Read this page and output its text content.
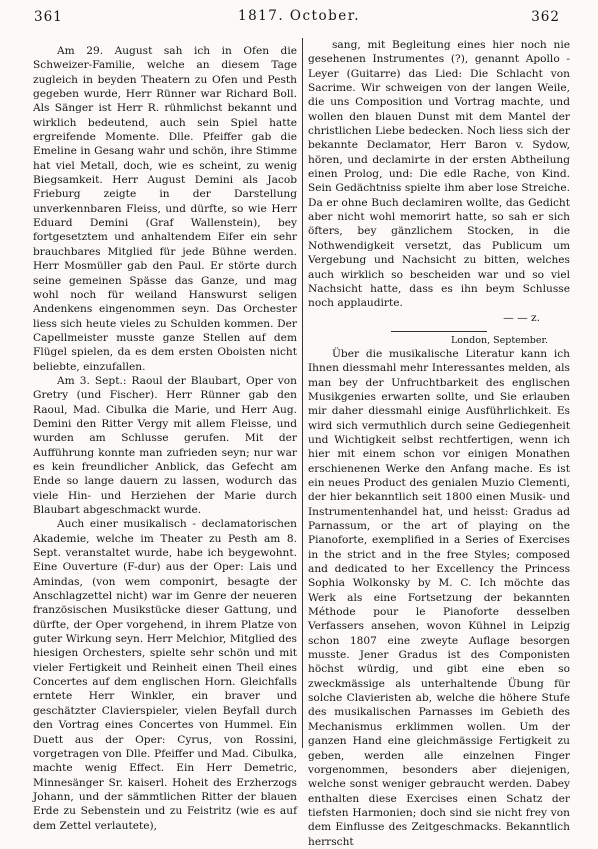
361	1817. October.	362

Am 29. August sah ich in Ofen die Schweizer-Familie, welche an diesem Tage zugleich in beyden Theatern zu Ofen und Pesth gegeben wurde, Herr Rünner war Richard Boll. Als Sänger ist Herr R. rühmlichst bekannt und wirklich bedeutend, auch sein Spiel hatte ergreifende Momente. Dlle. Pfeiffer gab die Emeline in Gesang wahr und schön, ihre Stimme hat viel Metall, doch, wie es scheint, zu wenig Biegsamkeit. Herr August Demini als Jacob Frieburg zeigte in der Darstellung unverkennbaren Fleiss, und dürfte, so wie Herr Eduard Demini (Graf Wallenstein), bey fortgesetztem und anhaltendem Eifer ein sehr brauchbares Mitglied für jede Bühne werden. Herr Mosmüller gab den Paul. Er störte durch seine gemeinen Spässe das Ganze, und mag wohl noch für weiland Hanswurst seligen Andenkens eingenommen seyn. Das Orchester liess sich heute vieles zu Schulden kommen. Der Capellmeister musste ganze Stellen auf dem Flügel spielen, da es dem ersten Oboisten nicht beliebte, einzufallen.

Am 3. Sept.: Raoul der Blaubart, Oper von Gretry (und Fischer). Herr Rünner gab den Raoul, Mad. Cibulka die Marie, und Herr Aug. Demini den Ritter Vergy mit allem Fleisse, und wurden am Schlusse gerufen. Mit der Aufführung konnte man zufrieden seyn; nur war es kein freundlicher Anblick, das Gefecht am Ende so lange dauern zu lassen, wodurch das viele Hin- und Herziehen der Marie durch Blaubart abgeschmackt wurde.

Auch einer musikalisch - declamatorischen Akademie, welche im Theater zu Pesth am 8. Sept. veranstaltet wurde, habe ich beygewohnt. Eine Ouverture (F-dur) aus der Oper: Lais und Amindas, (von wem componirt, besagte der Anschlagzettel nicht) war im Genre der neueren französischen Musikstücke dieser Gattung, und dürfte, der Oper vorgehend, in ihrem Platze von guter Wirkung seyn. Herr Melchior, Mitglied des hiesigen Orchesters, spielte sehr schön und mit vieler Fertigkeit und Reinheit einen Theil eines Concertes auf dem englischen Horn. Gleichfalls erntete Herr Winkler, ein braver und geschätzter Clavierspieler, vielen Beyfall durch den Vortrag eines Concertes von Hummel. Ein Duett aus der Oper: Cyrus, von Rossini, vorgetragen von Dlle. Pfeiffer und Mad. Cibulka, machte wenig Effect. Ein Herr Demetric, Minnesänger Sr. kaiserl. Hoheit des Erzherzogs Johann, und der sämmtlichen Ritter der blauen Erde zu Sebenstein und zu Feistritz (wie es auf dem Zettel verlautete),

sang, mit Begleitung eines hier noch nie gesehenen Instrumentes (?), genannt Apollo - Leyer (Guitarre) das Lied: Die Schlacht von Sacrime. Wir schweigen von der langen Weile, die uns Composition und Vortrag machte, und wollen den blauen Dunst mit dem Mantel der christlichen Liebe bedecken. Noch liess sich der bekannte Declamator, Herr Baron v. Sydow, hören, und declamirte in der ersten Abtheilung einen Prolog, und: Die edle Rache, von Kind. Sein Gedächtniss spielte ihm aber lose Streiche. Da er ohne Buch declamiren wollte, das Gedicht aber nicht wohl memorirt hatte, so sah er sich öfters, bey gänzlichem Stocken, in die Nothwendigkeit versetzt, das Publicum um Vergebung und Nachsicht zu bitten, welches auch wirklich so bescheiden war und so viel Nachsicht hatte, dass es ihn beym Schlusse noch applaudirte.

— — z.
London, September.

Über die musikalische Literatur kann ich Ihnen diessmahl mehr Interessantes melden, als man bey der Unfruchtbarkeit des englischen Musikgenies erwarten sollte, und Sie erlauben mir daher diessmahl einige Ausführlichkeit. Es wird sich vermuthlich durch seine Gediegenheit und Wichtigkeit selbst rechtfertigen, wenn ich hier mit einem schon vor einigen Monathen erschienenen Werke den Anfang mache. Es ist ein neues Product des genialen Muzio Clementi, der hier bekanntlich seit 1800 einen Musik- und Instrumentenhandel hat, und heisst: Gradus ad Parnassum, or the art of playing on the Pianoforte, exemplified in a Series of Exercises in the strict and in the free Styles; composed and dedicated to her Excellency the Princess Sophia Wolkonsky by M. C. Ich möchte das Werk als eine Fortsetzung der bekannten Méthode pour le Pianoforte desselben Verfassers ansehen, wovon Kühnel in Leipzig schon 1807 eine zweyte Auflage besorgen musste. Jener Gradus ist des Componisten höchst würdig, und gibt eine eben so zweckmässige als unterhaltende Übung für solche Clavieristen ab, welche die höhere Stufe des musikalischen Parnasses im Gebieth des Mechanismus erklimmen wollen. Um der ganzen Hand eine gleichmässige Fertigkeit zu geben, werden alle einzelnen Finger vorgenommen, besonders aber diejenigen, welche sonst weniger gebraucht werden. Dabey enthalten diese Exercises einen Schatz der tiefsten Harmonien; doch sind sie nicht frey von dem Einflusse des Zeitgeschmacks. Bekanntlich herrscht
